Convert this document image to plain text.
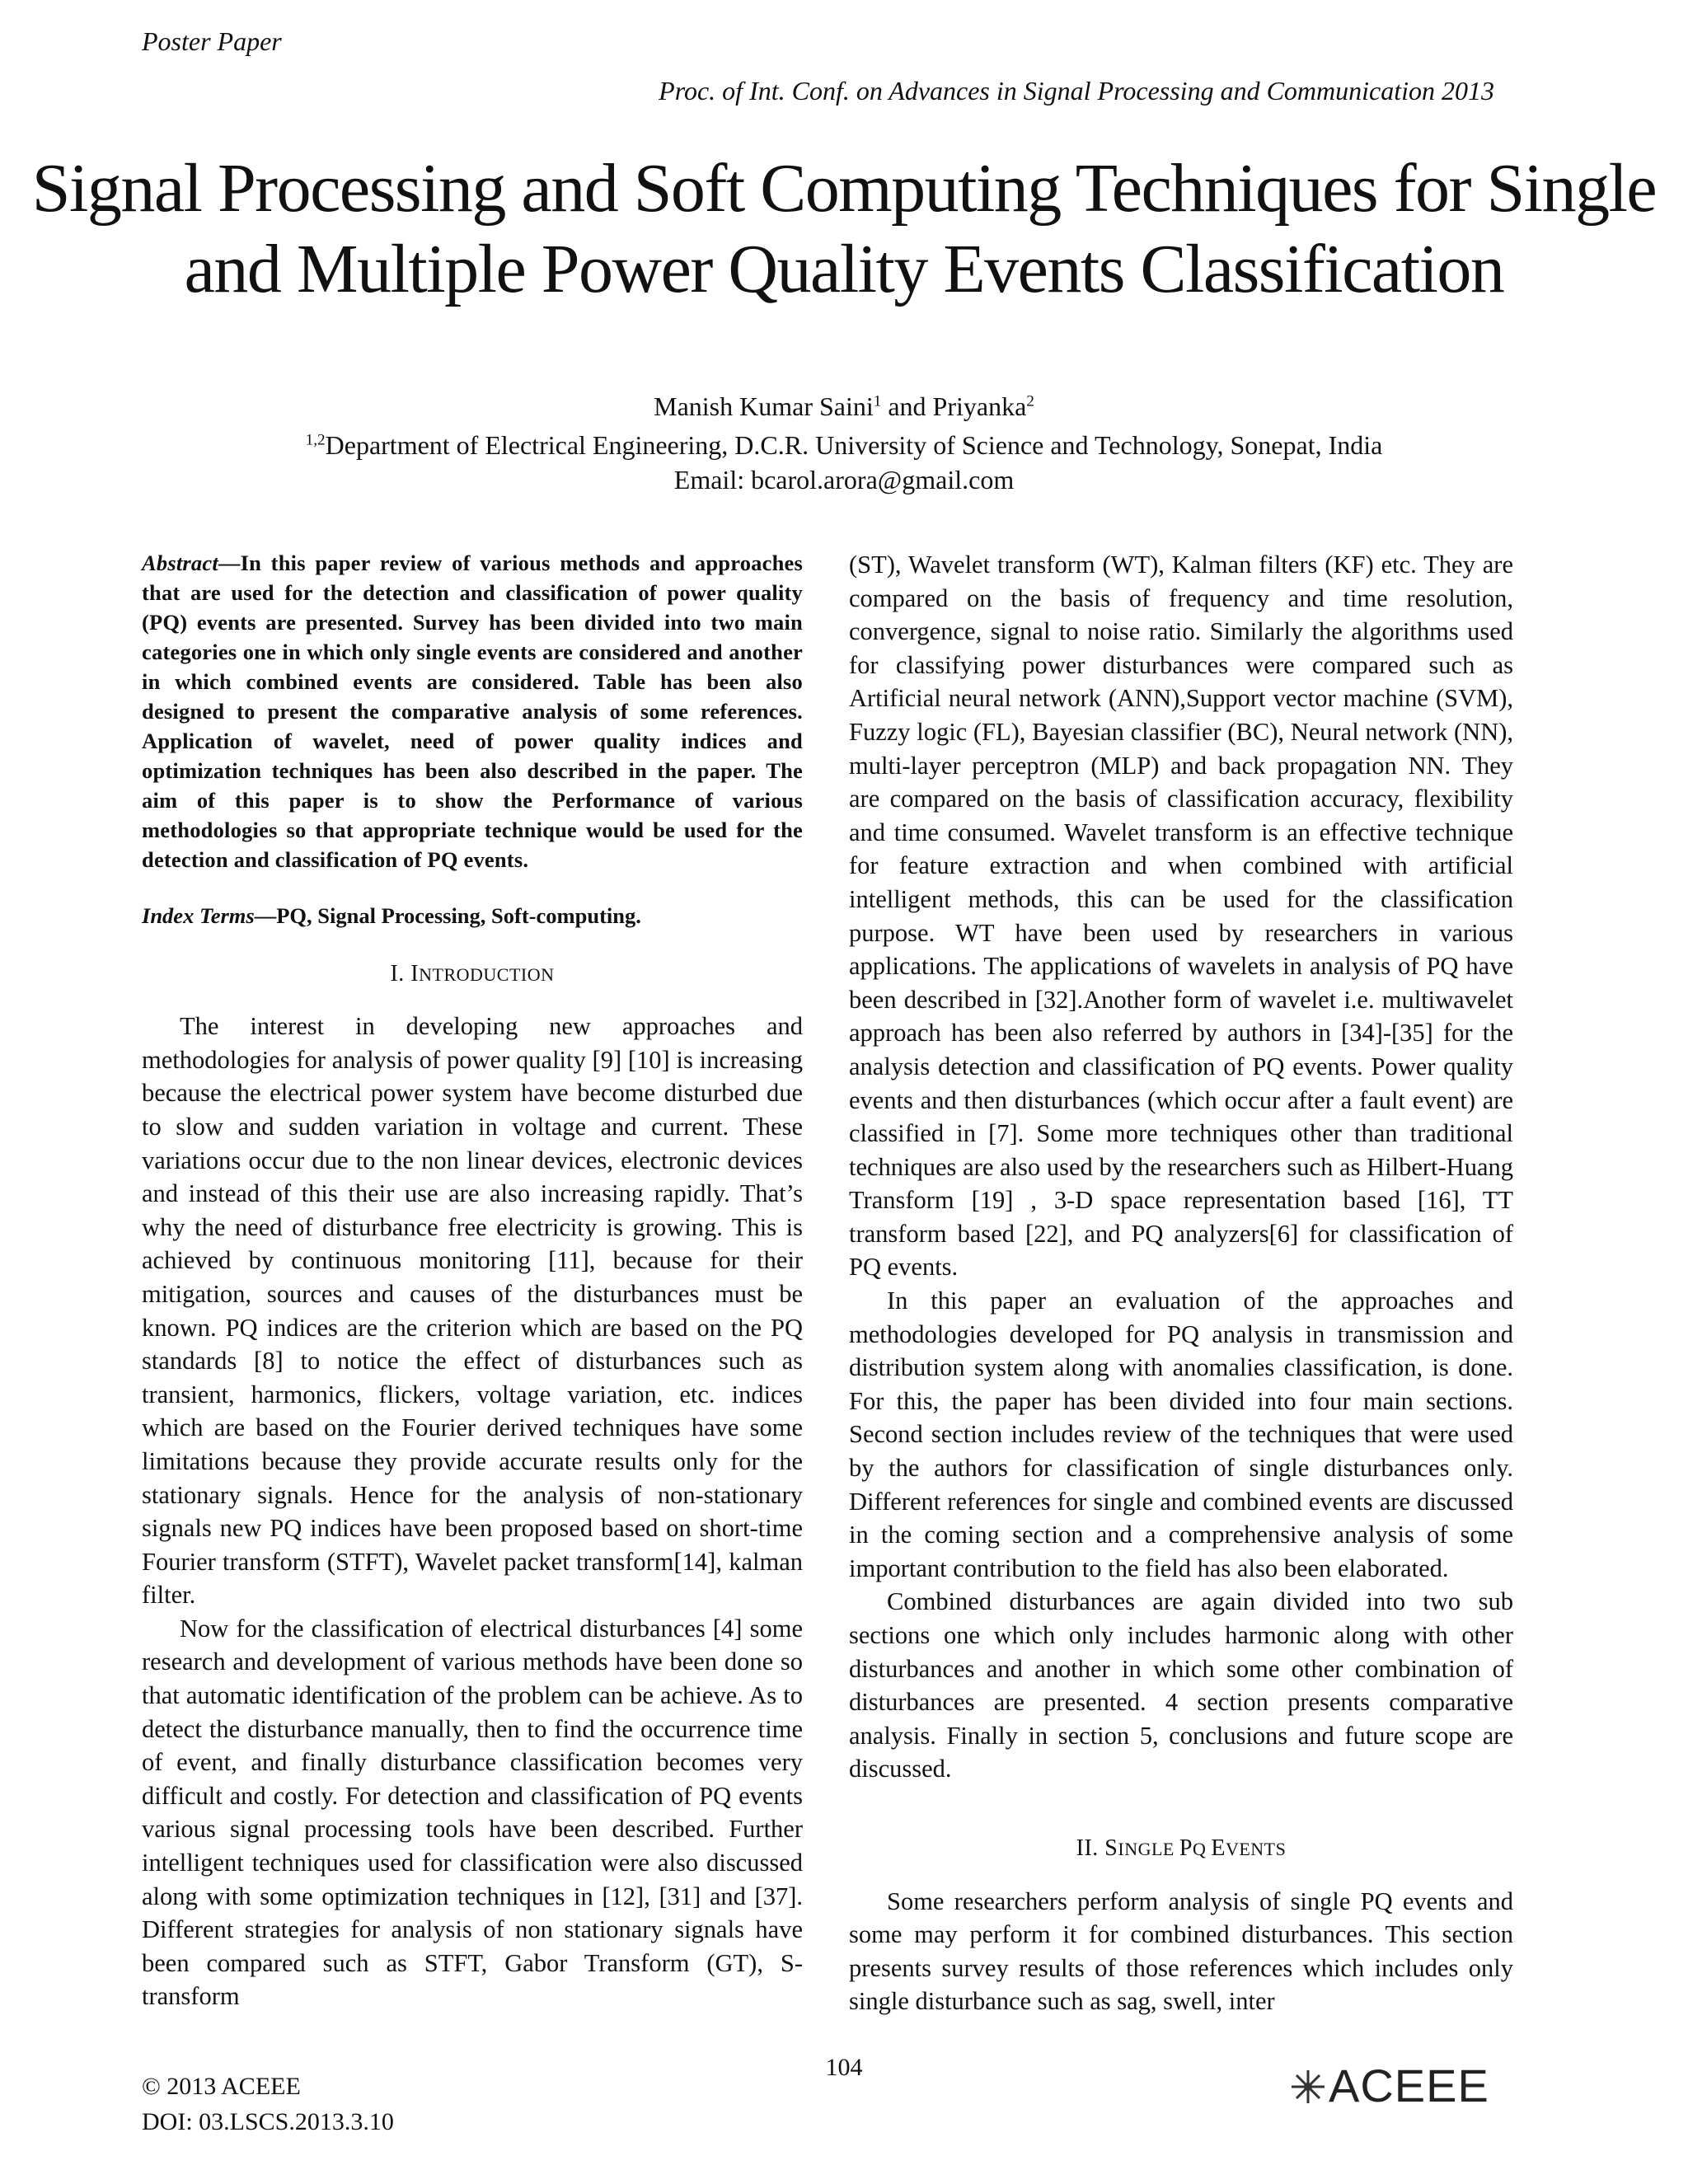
Poster Paper
Proc. of Int. Conf. on Advances in Signal Processing and Communication 2013
Signal Processing and Soft Computing Techniques for Single and Multiple Power Quality Events Classification
Manish Kumar Saini$^1$ and Priyanka$^2$
$^{1,2}$Department of Electrical Engineering, D.C.R. University of Science and Technology, Sonepat, India
Email: bcarol.arora@gmail.com

Abstract—In this paper review of various methods and approaches that are used for the detection and classification of power quality (PQ) events are presented. Survey has been divided into two main categories one in which only single events are considered and another in which combined events are considered. Table has been also designed to present the comparative analysis of some references. Application of wavelet, need of power quality indices and optimization techniques has been also described in the paper. The aim of this paper is to show the Performance of various methodologies so that appropriate technique would be used for the detection and classification of PQ events.

Index Terms—PQ, Signal Processing, Soft-computing.

I. INTRODUCTION

The interest in developing new approaches and methodologies for analysis of power quality [9] [10] is increasing because the electrical power system have become disturbed due to slow and sudden variation in voltage and current. These variations occur due to the non linear devices, electronic devices and instead of this their use are also increasing rapidly. That’s why the need of disturbance free electricity is growing. This is achieved by continuous monitoring [11], because for their mitigation, sources and causes of the disturbances must be known. PQ indices are the criterion which are based on the PQ standards [8] to notice the effect of disturbances such as transient, harmonics, flickers, voltage variation, etc. indices which are based on the Fourier derived techniques have some limitations because they provide accurate results only for the stationary signals. Hence for the analysis of non-stationary signals new PQ indices have been proposed based on short-time Fourier transform (STFT), Wavelet packet transform[14], kalman filter.

Now for the classification of electrical disturbances [4] some research and development of various methods have been done so that automatic identification of the problem can be achieve. As to detect the disturbance manually, then to find the occurrence time of event, and finally disturbance classification becomes very difficult and costly. For detection and classification of PQ events various signal processing tools have been described. Further intelligent techniques used for classification were also discussed along with some optimization techniques in [12], [31] and [37]. Different strategies for analysis of non stationary signals have been compared such as STFT, Gabor Transform (GT), S-transform

(ST), Wavelet transform (WT), Kalman filters (KF) etc. They are compared on the basis of frequency and time resolution, convergence, signal to noise ratio. Similarly the algorithms used for classifying power disturbances were compared such as Artificial neural network (ANN),Support vector machine (SVM), Fuzzy logic (FL), Bayesian classifier (BC), Neural network (NN), multi-layer perceptron (MLP) and back propagation NN. They are compared on the basis of classification accuracy, flexibility and time consumed. Wavelet transform is an effective technique for feature extraction and when combined with artificial intelligent methods, this can be used for the classification purpose. WT have been used by researchers in various applications. The applications of wavelets in analysis of PQ have been described in [32].Another form of wavelet i.e. multiwavelet approach has been also referred by authors in [34]-[35] for the analysis detection and classification of PQ events. Power quality events and then disturbances (which occur after a fault event) are classified in [7]. Some more techniques other than traditional techniques are also used by the researchers such as Hilbert-Huang Transform [19] , 3-D space representation based [16], TT transform based [22], and PQ analyzers[6] for classification of PQ events.

In this paper an evaluation of the approaches and methodologies developed for PQ analysis in transmission and distribution system along with anomalies classification, is done. For this, the paper has been divided into four main sections. Second section includes review of the techniques that were used by the authors for classification of single disturbances only. Different references for single and combined events are discussed in the coming section and a comprehensive analysis of some important contribution to the field has also been elaborated.

Combined disturbances are again divided into two sub sections one which only includes harmonic along with other disturbances and another in which some other combination of disturbances are presented. 4 section presents comparative analysis. Finally in section 5, conclusions and future scope are discussed.

II. SINGLE PQ EVENTS

Some researchers perform analysis of single PQ events and some may perform it for combined disturbances. This section presents survey results of those references which includes only single disturbance such as sag, swell, inter

104
© 2013 ACEEE
DOI: 03.LSCS.2013.3.10
ACEEE
